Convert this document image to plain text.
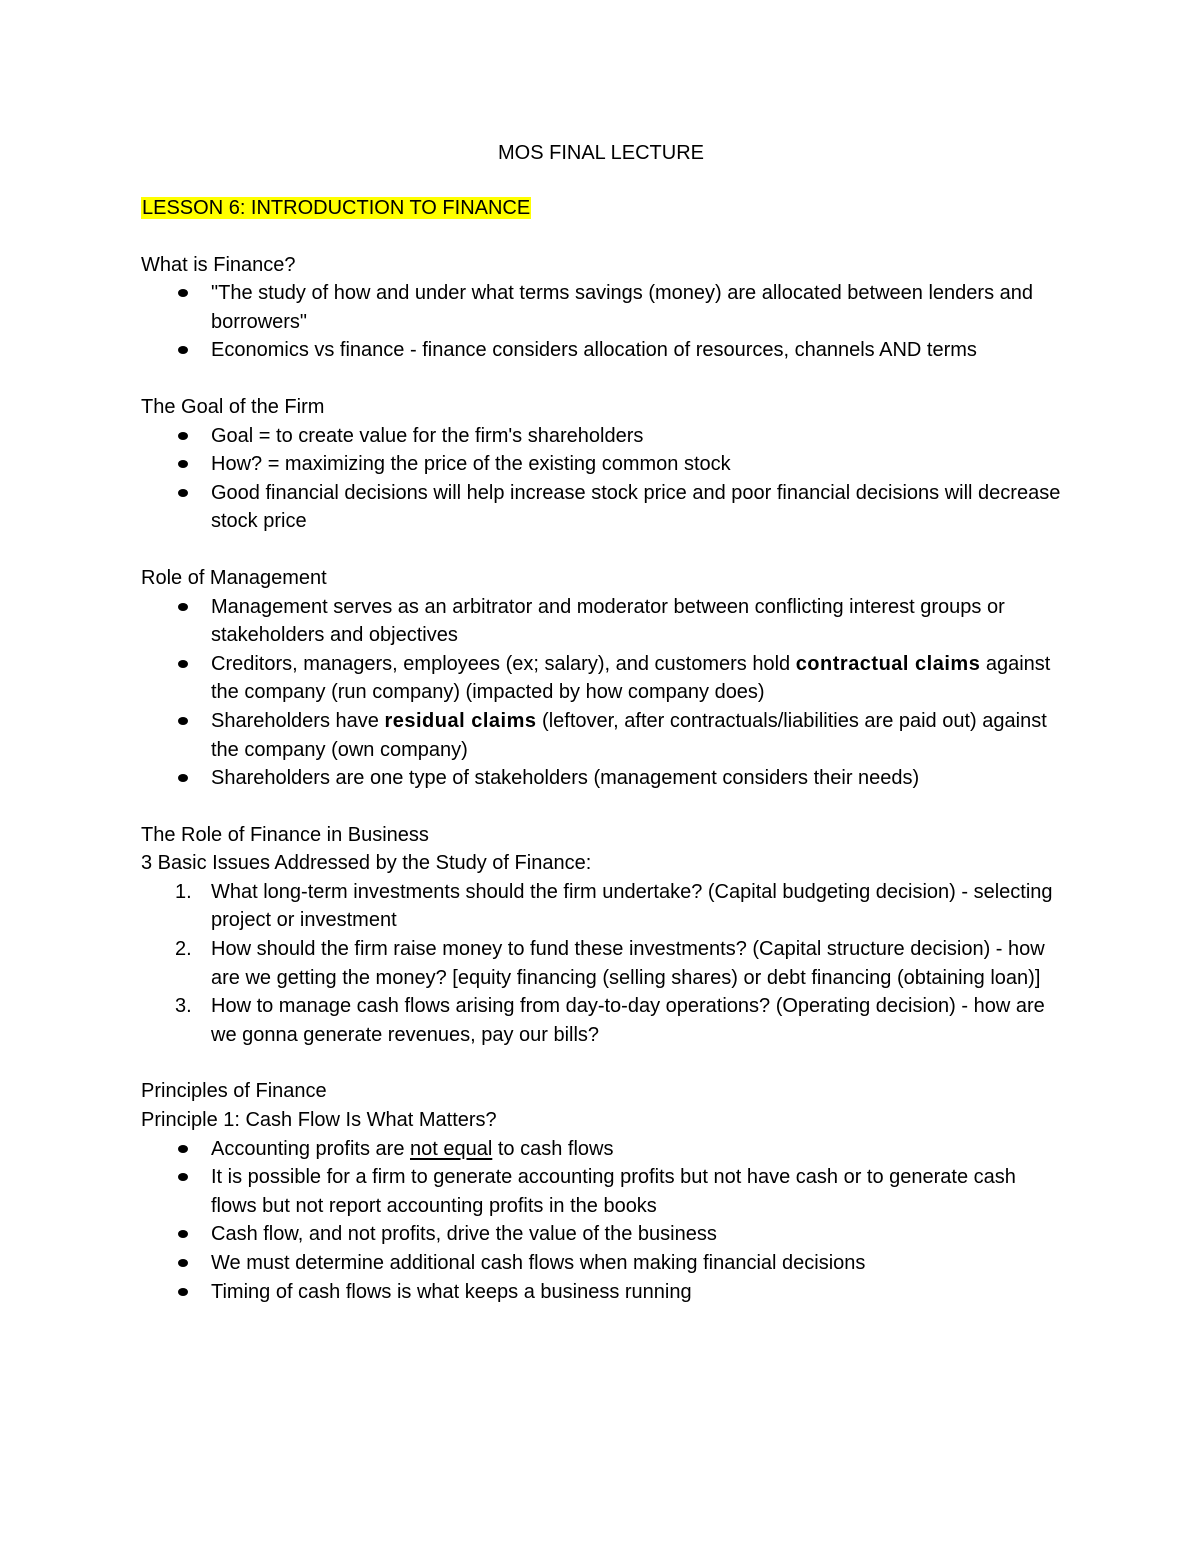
MOS FINAL LECTURE

LESSON 6: INTRODUCTION TO FINANCE

What is Finance?

"The study of how and under what terms savings (money) are allocated between lenders and borrowers"
Economics vs finance - finance considers allocation of resources, channels AND terms

The Goal of the Firm

Goal = to create value for the firm's shareholders
How? = maximizing the price of the existing common stock
Good financial decisions will help increase stock price and poor financial decisions will decrease stock price

Role of Management

Management serves as an arbitrator and moderator between conflicting interest groups or stakeholders and objectives
Creditors, managers, employees (ex; salary), and customers hold contractual claims against the company (run company) (impacted by how company does)
Shareholders have residual claims (leftover, after contractuals/liabilities are paid out) against the company (own company)
Shareholders are one type of stakeholders (management considers their needs)

The Role of Finance in Business

3 Basic Issues Addressed by the Study of Finance:

1. What long-term investments should the firm undertake? (Capital budgeting decision) - selecting project or investment
2. How should the firm raise money to fund these investments? (Capital structure decision) - how are we getting the money? [equity financing (selling shares) or debt financing (obtaining loan)]
3. How to manage cash flows arising from day-to-day operations? (Operating decision) - how are we gonna generate revenues, pay our bills?

Principles of Finance

Principle 1: Cash Flow Is What Matters?

Accounting profits are not equal to cash flows
It is possible for a firm to generate accounting profits but not have cash or to generate cash flows but not report accounting profits in the books
Cash flow, and not profits, drive the value of the business
We must determine additional cash flows when making financial decisions
Timing of cash flows is what keeps a business running
